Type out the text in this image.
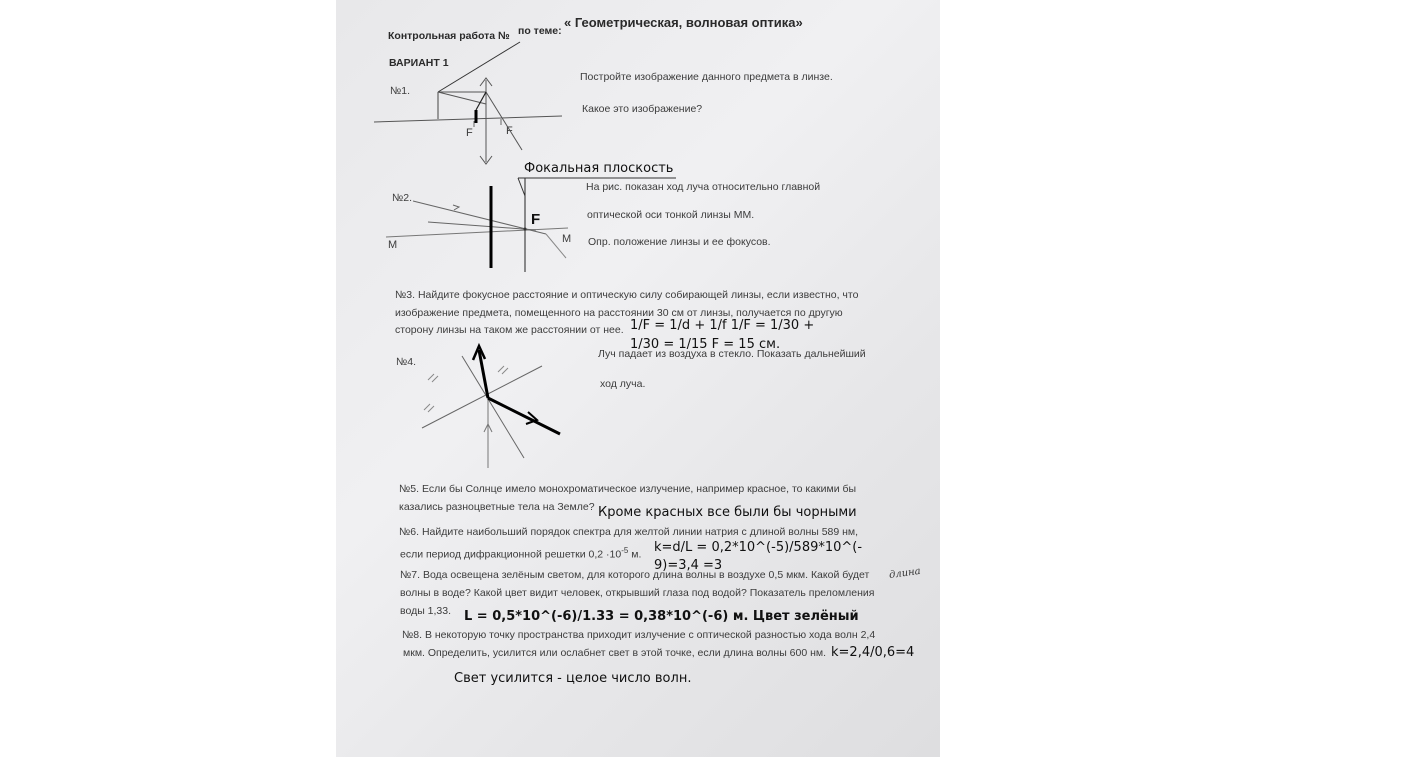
Контрольная работа № по теме:
« Геометрическая, волновая оптика»
ВАРИАНТ 1
№1.
Постройте изображение данного предмета в линзе.
Какое это изображение?
F	F
№2.
Фокальная плоскость
На рис. показан ход луча относительно главной
оптической оси тонкой линзы ММ.
Опр. положение линзы и ее фокусов.
M	M
F
№3. Найдите фокусное расстояние и оптическую силу собирающей линзы, если известно, что
изображение предмета, помещенного на расстоянии 30 см от линзы, получается по другую
сторону линзы на таком же расстоянии от нее. 1/F = 1/d + 1/f 1/F = 1/30 +
1/30 = 1/15 F = 15 см.
№4.
Луч падает из воздуха в стекло. Показать дальнейший
ход луча.
№5. Если бы Солнце имело монохроматическое излучение, например красное, то какими бы
казались разноцветные тела на Земле? Кроме красных все были бы чорными
№6. Найдите наибольший порядок спектра для желтой линии натрия с длиной волны 589 нм,
если период дифракционной решетки $0,2 \cdot 10^{-5}$ м. k=d/L = 0,2*10^(-5)/589*10^(-
9)=3,4 =3
№7. Вода освещена зелёным светом, для которого длина волны в воздухе 0,5 мкм. Какой будет
волны в воде? Какой цвет видит человек, открывший глаза под водой? Показатель преломления
воды 1,33.
длина
L = 0,5*10^(-6)/1.33 = 0,38*10^(-6) м. Цвет зелёный
№8. В некоторую точку пространства приходит излучение с оптической разностью хода волн 2,4
мкм. Определить, усилится или ослабнет свет в этой точке, если длина волны 600 нм. k=2,4/0,6=4
Свет усилится - целое число волн.
